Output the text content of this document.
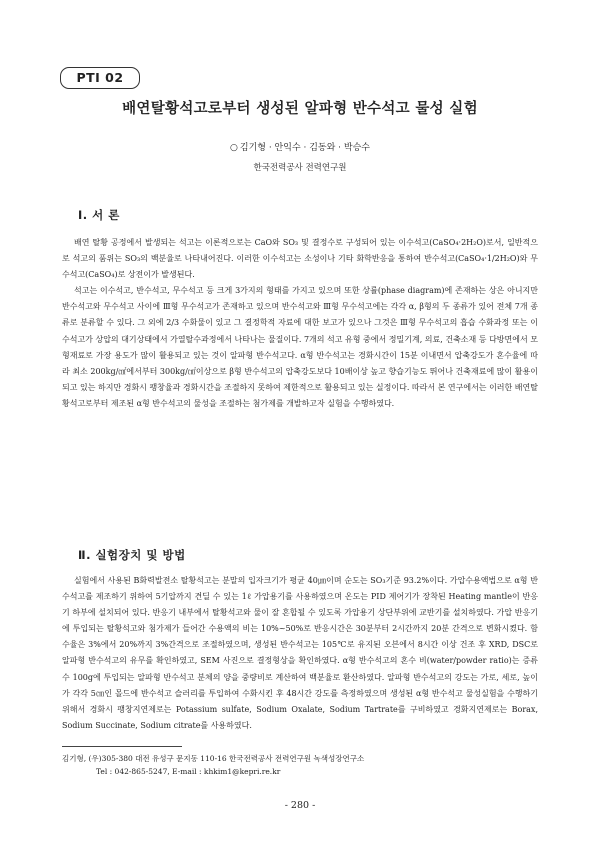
PTI 02
배연탈황석고로부터 생성된 알파형 반수석고 물성 실험
○ 김기형 · 안익수 · 김동와 · 박승수
한국전력공사 전력연구원
Ⅰ. 서 론

배연 탈황 공정에서 발생되는 석고는 이론적으로는 CaO와 SO₃ 및 결정수로 구성되어 있는 이수석고(CaSO₄·2H₂O)로서, 일반적으로 석고의 품위는 SO₃의 백분율로 나타내어진다. 이러한 이수석고는 소성이나 기타 화학반응을 통하여 반수석고(CaSO₄·1/2H₂O)와 무수석고(CaSO₄)로 상전이가 발생된다.

석고는 이수석고, 반수석고, 무수석고 등 크게 3가지의 형태를 가지고 있으며 또한 상률(phase diagram)에 존재하는 상은 아니지만 반수석고와 무수석고 사이에 Ⅲ형 무수석고가 존재하고 있으며 반수석고와 Ⅲ형 무수석고에는 각각 α, β형의 두 종류가 있어 전체 7개 종류로 분류할 수 있다. 그 외에 2/3 수화물이 있고 그 결정학적 자료에 대한 보고가 있으나 그것은 Ⅲ형 무수석고의 흡습 수화과정 또는 이수석고가 상압의 대기상태에서 가열탈수과정에서 나타나는 물질이다. 7개의 석고 유형 중에서 정밀기계, 의료, 건축소재 등 다방면에서 모형재료로 가장 용도가 많이 활용되고 있는 것이 알파형 반수석고다. α형 반수석고는 경화시간이 15분 이내면서 압축강도가 혼수율에 따라 최소 200kg/㎠에서부터 300kg/㎠이상으로 β형 반수석고의 압축강도보다 10배이상 높고 향습기능도 뛰어나 건축재료에 많이 활용이 되고 있는 하지만 경화시 팽창율과 경화시간을 조절하지 못하여 제한적으로 활용되고 있는 실정이다. 따라서 본 연구에서는 이러한 배연탈황석고로부터 제조된 α형 반수석고의 물성을 조절하는 첨가제를 개발하고자 실험을 수행하였다.

Ⅱ. 실험장치 및 방법

실험에서 사용된 B화력발전소 탈황석고는 분말의 입자크기가 평균 40㎛이며 순도는 SO₃기준 93.2%이다. 가압수용액법으로 α형 반수석고를 제조하기 위하여 5기압까지 견딜 수 있는 1ℓ 가압용기를 사용하였으며 온도는 PID 제어기가 장착된 Heating mantle이 반응기 하부에 설치되어 있다. 반응기 내부에서 탈황석고와 물이 잘 혼합될 수 있도록 가압용기 상단부위에 교반기를 설치하였다. 가압 반응기에 투입되는 탈황석고와 첨가제가 들어간 수용액의 비는 10%~50%로 반응시간은 30분부터 2시간까지 20분 간격으로 변화시켰다. 함수율은 3%에서 20%까지 3%간격으로 조절하였으며, 생성된 반수석고는 105℃로 유지된 오븐에서 8시간 이상 건조 후 XRD, DSC로 알파형 반수석고의 유무를 확인하였고, SEM 사진으로 결정형상을 확인하였다. α형 반수석고의 혼수 비(water/powder ratio)는 증류수 100g에 투입되는 알파형 반수석고 분체의 양을 중량비로 계산하여 백분율로 환산하였다. 알파형 반수석고의 강도는 가로, 세로, 높이가 각각 5㎝인 몰드에 반수석고 슬러리를 투입하여 수화시킨 후 48시간 강도를 측정하였으며 생성된 α형 반수석고 물성실험을 수행하기 위해서 경화시 팽창지연제로는 Potassium sulfate, Sodium Oxalate, Sodium Tartrate를 구비하였고 경화지연제로는 Borax, Sodium Succinate, Sodium citrate를 사용하였다.

김기형, (우)305-380 대전 유성구 문지동 110-16 한국전력공사 전력연구원 녹색성장연구소
Tel : 042-865-5247, E-mail : khkim1@kepri.re.kr
- 280 -
